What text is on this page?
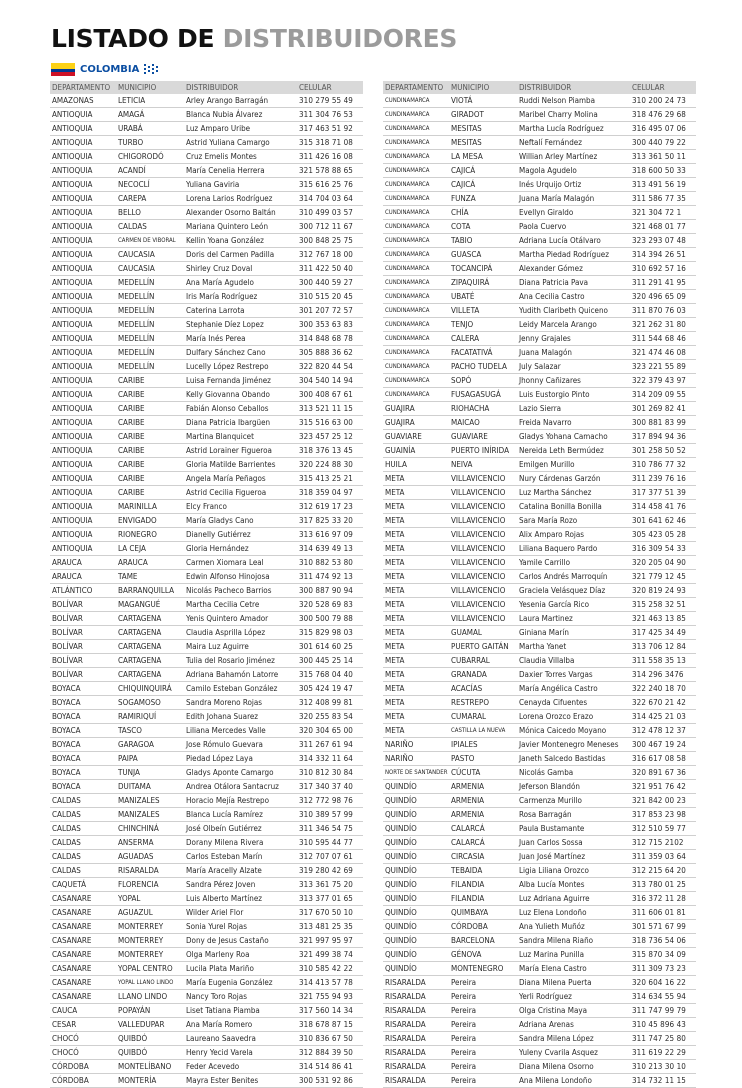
LISTADO DE DISTRIBUIDORES
COLOMBIA
DEPARTAMENTO	MUNICIPIO	DISTRIBUIDOR	CELULAR
AMAZONAS	LETICIA	Arley Arango Barragán	310 279 55 49
ANTIOQUIA	AMAGÁ	Blanca Nubia Álvarez	311 304 76 53
ANTIOQUIA	URABÁ	Luz Amparo Uribe	317 463 51 92
ANTIOQUIA	TURBO	Astrid Yuliana Camargo	315 318 71 08
ANTIOQUIA	CHIGORODÓ	Cruz Emelis Montes	311 426 16 08
ANTIOQUIA	ACANDÍ	María Cenelia Herrera	321 578 88 65
ANTIOQUIA	NECOCLÍ	Yuliana Gaviria	315 616 25 76
ANTIOQUIA	CAREPA	Lorena Larios Rodríguez	314 704 03 64
ANTIOQUIA	BELLO	Alexander Osorno Baltán	310 499 03 57
ANTIOQUIA	CALDAS	Mariana Quintero León	300 712 11 67
ANTIOQUIA	CARMEN DE VIBORAL	Kellin Yoana González	300 848 25 75
ANTIOQUIA	CAUCASIA	Doris del Carmen Padilla	312 767 18 00
ANTIOQUIA	CAUCASIA	Shirley Cruz Doval	311 422 50 40
ANTIOQUIA	MEDELLÍN	Ana María Agudelo	300 440 59 27
ANTIOQUIA	MEDELLÍN	Iris María Rodríguez	310 515 20 45
ANTIOQUIA	MEDELLÍN	Caterina Larrota	301 207 72 57
ANTIOQUIA	MEDELLÍN	Stephanie Díez Lopez	300 353 63 83
ANTIOQUIA	MEDELLÍN	María Inés Perea	314 848 68 78
ANTIOQUIA	MEDELLÍN	Dulfary Sánchez Cano	305 888 36 62
ANTIOQUIA	MEDELLÍN	Lucelly López Restrepo	322 820 44 54
ANTIOQUIA	CARIBE	Luisa Fernanda Jiménez	304 540 14 94
ANTIOQUIA	CARIBE	Kelly Giovanna Obando	300 408 67 61
ANTIOQUIA	CARIBE	Fabián Alonso Ceballos	313 521 11 15
ANTIOQUIA	CARIBE	Diana Patricia Ibargüen	315 516 63 00
ANTIOQUIA	CARIBE	Martina Blanquicet	323 457 25 12
ANTIOQUIA	CARIBE	Astrid Lorainer Figueroa	318 376 13 45
ANTIOQUIA	CARIBE	Gloria Matilde Barrientes	320 224 88 30
ANTIOQUIA	CARIBE	Angela María Peñagos	315 413 25 21
ANTIOQUIA	CARIBE	Astrid Cecilia Figueroa	318 359 04 97
ANTIOQUIA	MARINILLA	Elcy Franco	312 619 17 23
ANTIOQUIA	ENVIGADO	María Gladys Cano	317 825 33 20
ANTIOQUIA	RIONEGRO	Dianelly Gutiérrez	313 616 97 09
ANTIOQUIA	LA CEJA	Gloria Hernández	314 639 49 13
ARAUCA	ARAUCA	Carmen Xiomara Leal	310 882 53 80
ARAUCA	TAME	Edwin Alfonso Hinojosa	311 474 92 13
ATLÁNTICO	BARRANQUILLA	Nicolás Pacheco Barrios	300 887 90 94
BOLÍVAR	MAGANGUÉ	Martha Cecilia Cetre	320 528 69 83
BOLÍVAR	CARTAGENA	Yenis Quintero Amador	300 500 79 88
BOLÍVAR	CARTAGENA	Claudia Asprilla López	315 829 98 03
BOLÍVAR	CARTAGENA	Maira Luz Aguirre	301 614 60 25
BOLÍVAR	CARTAGENA	Tulia del Rosario Jiménez	300 445 25 14
BOLÍVAR	CARTAGENA	Adriana Bahamón Latorre	315 768 04 40
BOYACA	CHIQUINQUIRÁ	Camilo Esteban González	305 424 19 47
BOYACA	SOGAMOSO	Sandra Moreno Rojas	312 408 99 81
BOYACA	RAMIRIQUÍ	Edith Johana Suarez	320 255 83 54
BOYACA	TASCO	Liliana Mercedes Valle	320 304 65 00
BOYACA	GARAGOA	Jose Rómulo Guevara	311 267 61 94
BOYACA	PAIPA	Piedad López Laya	314 332 11 64
BOYACA	TUNJA	Gladys Aponte Camargo	310 812 30 84
BOYACA	DUITAMA	Andrea Otálora Santacruz	317 340 37 40
CALDAS	MANIZALES	Horacio Mejía Restrepo	312 772 98 76
CALDAS	MANIZALES	Blanca Lucía Ramírez	310 389 57 99
CALDAS	CHINCHINÁ	José Olbeín Gutiérrez	311 346 54 75
CALDAS	ANSERMA	Dorany Milena Rivera	310 595 44 77
CALDAS	AGUADAS	Carlos Esteban Marín	312 707 07 61
CALDAS	RISARALDA	María Aracelly Alzate	319 280 42 69
CAQUETÁ	FLORENCIA	Sandra Pérez Joven	313 361 75 20
CASANARE	YOPAL	Luis Alberto Martínez	313 377 01 65
CASANARE	AGUAZUL	Wilder Ariel Flor	317 670 50 10
CASANARE	MONTERREY	Sonia Yurel Rojas	313 481 25 35
CASANARE	MONTERREY	Dony de Jesus Castaño	321 997 95 97
CASANARE	MONTERREY	Olga Marleny Roa	321 499 38 74
CASANARE	YOPAL CENTRO	Lucila Plata Mariño	310 585 42 22
CASANARE	YOPAL LLANO LINDO	María Eugenia González	314 413 57 78
CASANARE	LLANO LINDO	Nancy Toro Rojas	321 755 94 93
CAUCA	POPAYÁN	Liset Tatiana Piamba	317 560 14 34
CESAR	VALLEDUPAR	Ana María Romero	318 678 87 15
CHOCÓ	QUIBDÓ	Laureano Saavedra	310 836 67 50
CHOCÓ	QUIBDÓ	Henry Yecid Varela	312 884 39 50
CÓRDOBA	MONTELÍBANO	Feder Acevedo	314 514 86 41
CÓRDOBA	MONTERÍA	Mayra Ester Benites	300 531 92 86
DEPARTAMENTO	MUNICIPIO	DISTRIBUIDOR	CELULAR
CUNDINAMARCA	VIOTÁ	Ruddi Nelson Piamba	310 200 24 73
CUNDINAMARCA	GIRADOT	Maribel Charry Molina	318 476 29 68
CUNDINAMARCA	MESITAS	Martha Lucía Rodríguez	316 495 07 06
CUNDINAMARCA	MESITAS	Neftalí Fernández	300 440 79 22
CUNDINAMARCA	LA MESA	Willian Arley Martínez	313 361 50 11
CUNDINAMARCA	CAJICÁ	Magola Agudelo	318 600 50 33
CUNDINAMARCA	CAJICÁ	Inés Urquijo Ortiz	313 491 56 19
CUNDINAMARCA	FUNZA	Juana María Malagón	311 586 77 35
CUNDINAMARCA	CHÍA	Evellyn Giraldo	321 304 72 1
CUNDINAMARCA	COTA	Paola Cuervo	321 468 01 77
CUNDINAMARCA	TABIO	Adriana Lucía Otálvaro	323 293 07 48
CUNDINAMARCA	GUASCA	Martha Piedad Rodríguez	314 394 26 51
CUNDINAMARCA	TOCANCIPÁ	Alexander Gómez	310 692 57 16
CUNDINAMARCA	ZIPAQUIRÁ	Diana Patricia Pava	311 291 41 95
CUNDINAMARCA	UBATÉ	Ana Cecilia Castro	320 496 65 09
CUNDINAMARCA	VILLETA	Yudith Claribeth Quiceno	311 870 76 03
CUNDINAMARCA	TENJO	Leidy Marcela Arango	321 262 31 80
CUNDINAMARCA	CALERA	Jenny Grajales	311 544 68 46
CUNDINAMARCA	FACATATIVÁ	Juana Malagón	321 474 46 08
CUNDINAMARCA	PACHO TUDELA	July Salazar	323 221 55 89
CUNDINAMARCA	SOPÓ	Jhonny Cañizares	322 379 43 97
CUNDINAMARCA	FUSAGASUGÁ	Luis Eustorgio Pinto	314 209 09 55
GUAJIRA	RIOHACHA	Lazio Sierra	301 269 82 41
GUAJIRA	MAICAO	Freida Navarro	300 881 83 99
GUAVIARE	GUAVIARE	Gladys Yohana Camacho	317 894 94 36
GUAINÍA	PUERTO INÍRIDA	Nereida Leth Bermúdez	301 258 50 52
HUILA	NEIVA	Emilgen Murillo	310 786 77 32
META	VILLAVICENCIO	Nury Cárdenas Garzón	311 239 76 16
META	VILLAVICENCIO	Luz Martha Sánchez	317 377 51 39
META	VILLAVICENCIO	Catalina Bonilla Bonilla	314 458 41 76
META	VILLAVICENCIO	Sara María Rozo	301 641 62 46
META	VILLAVICENCIO	Alix Amparo Rojas	305 423 05 28
META	VILLAVICENCIO	Liliana Baquero Pardo	316 309 54 33
META	VILLAVICENCIO	Yamile Carrillo	320 205 04 90
META	VILLAVICENCIO	Carlos Andrés Marroquín	321 779 12 45
META	VILLAVICENCIO	Graciela Velásquez Díaz	320 819 24 93
META	VILLAVICENCIO	Yesenia García Rico	315 258 32 51
META	VILLAVICENCIO	Laura Martinez	321 463 13 85
META	GUAMAL	Giniana Marín	317 425 34 49
META	PUERTO GAITÁN	Martha Yanet	313 706 12 84
META	CUBARRAL	Claudia Villalba	311 558 35 13
META	GRANADA	Daxier Torres Vargas	314 296 3476
META	ACACÍAS	María Angélica Castro	322 240 18 70
META	RESTREPO	Cenayda Cifuentes	322 670 21 42
META	CUMARAL	Lorena Orozco Erazo	314 425 21 03
META	CASTILLA LA NUEVA	Mónica Caicedo Moyano	312 478 12 37
NARIÑO	IPIALES	Javier Montenegro Meneses	300 467 19 24
NARIÑO	PASTO	Janeth Salcedo Bastidas	316 617 08 58
NORTE DE SANTANDER	CÚCUTA	Nicolás Gamba	320 891 67 36
QUINDÍO	ARMENIA	Jeferson Blandón	321 951 76 42
QUINDÍO	ARMENIA	Carmenza Murillo	321 842 00 23
QUINDÍO	ARMENIA	Rosa Barragán	317 853 23 98
QUINDÍO	CALARCÁ	Paula Bustamante	312 510 59 77
QUINDÍO	CALARCÁ	Juan Carlos Sossa	312 715 2102
QUINDÍO	CIRCASIA	Juan José Martínez	311 359 03 64
QUINDÍO	TEBAIDA	Ligia Liliana Orozco	312 215 64 20
QUINDÍO	FILANDIA	Alba Lucía Montes	313 780 01 25
QUINDÍO	FILANDIA	Luz Adriana Aguirre	316 372 11 28
QUINDÍO	QUIMBAYA	Luz Elena Londoño	311 606 01 81
QUINDÍO	CÓRDOBA	Ana Yulieth Muñóz	301 571 67 99
QUINDÍO	BARCELONA	Sandra Milena Riaño	318 736 54 06
QUINDÍO	GÉNOVA	Luz Marina Punilla	315 870 34 09
QUINDÍO	MONTENEGRO	María Elena Castro	311 309 73 23
RISARALDA	Pereira	Diana Milena Puerta	320 604 16 22
RISARALDA	Pereira	Yerli Rodríguez	314 634 55 94
RISARALDA	Pereira	Olga Cristina Maya	311 747 99 79
RISARALDA	Pereira	Adriana Arenas	310 45 896 43
RISARALDA	Pereira	Sandra Milena López	311 747 25 80
RISARALDA	Pereira	Yuleny Cvarila Asquez	311 619 22 29
RISARALDA	Pereira	Diana Milena Osorno	310 213 30 10
RISARALDA	Pereira	Ana Milena Londoño	314 732 11 15
